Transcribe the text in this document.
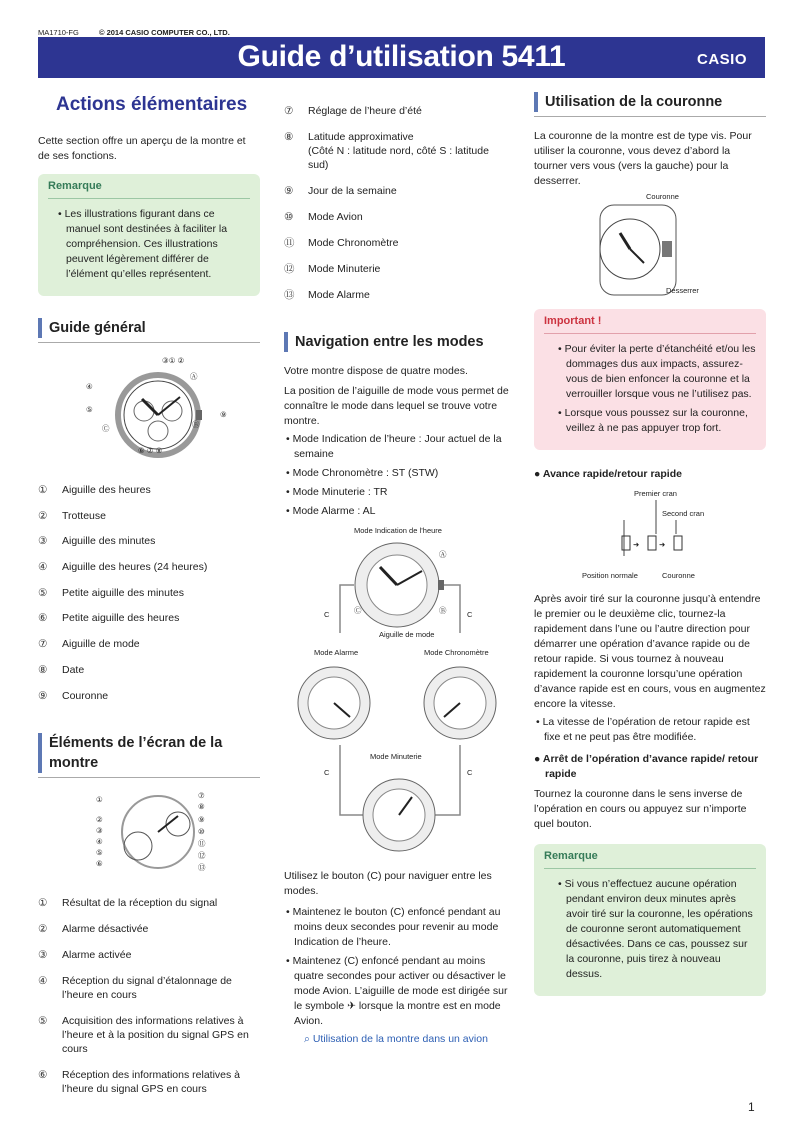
MA1710-FG	© 2014 CASIO COMPUTER CO., LTD.
Guide d’utilisation 5411	CASIO
Actions élémentaires

Cette section offre un aperçu de la montre et de ses fonctions.

Remarque

• Les illustrations figurant dans ce manuel sont destinées à faciliter la compréhension. Ces illustrations peuvent légèrement différer de l’élément qu’elles représentent.

Guide général
③① ②
④
⑤
Ⓒ
Ⓐ
⑨
Ⓑ
⑥ ⑦ ⑧
①	Aiguille des heures
②	Trotteuse
③	Aiguille des minutes
④	Aiguille des heures (24 heures)
⑤	Petite aiguille des minutes
⑥	Petite aiguille des heures
⑦	Aiguille de mode
⑧	Date
⑨	Couronne
Éléments de l’écran de la montre
①
②
③
④
⑤
⑥
⑦
⑧
⑨
⑩
⑪
⑫
⑬
①	Résultat de la réception du signal
②	Alarme désactivée
③	Alarme activée
④	Réception du signal d’étalonnage de l’heure en cours
⑤	Acquisition des informations relatives à l’heure et à la position du signal GPS en cours
⑥	Réception des informations relatives à l’heure du signal GPS en cours
⑦	Réglage de l’heure d’été
⑧	Latitude approximative
(Côté N : latitude nord, côté S : latitude sud)
⑨	Jour de la semaine
⑩	Mode Avion
⑪	Mode Chronomètre
⑫	Mode Minuterie
⑬	Mode Alarme
Navigation entre les modes

Votre montre dispose de quatre modes.

La position de l’aiguille de mode vous permet de connaître le mode dans lequel se trouve votre montre.

• Mode Indication de l’heure : Jour actuel de la semaine

• Mode Chronomètre : ST (STW)

• Mode Minuterie : TR

• Mode Alarme : AL

Mode Indication de l’heure
Ⓐ
Ⓑ
Ⓒ
Aiguille de mode
C	C
Mode Alarme	Mode Chronomètre
Mode Minuterie
C	C

Utilisez le bouton (C) pour naviguer entre les modes.

• Maintenez le bouton (C) enfoncé pendant au moins deux secondes pour revenir au mode Indication de l’heure.

• Maintenez (C) enfoncé pendant au moins quatre secondes pour activer ou désactiver le mode Avion. L’aiguille de mode est dirigée sur le symbole ✈ lorsque la montre est en mode Avion.

⌕ Utilisation de la montre dans un avion
Utilisation de la couronne

La couronne de la montre est de type vis. Pour utiliser la couronne, vous devez d’abord la tourner vers vous (vers la gauche) pour la desserrer.

Couronne
Desserrer
Important !

• Pour éviter la perte d’étanchéité et/ou les dommages dus aux impacts, assurez-vous de bien enfoncer la couronne et la verrouiller lorsque vous ne l’utilisez pas.

• Lorsque vous poussez sur la couronne, veillez à ne pas appuyer trop fort.

● Avance rapide/retour rapide
Premier cran
Second cran
➜	➜
Position normale	Couronne

Après avoir tiré sur la couronne jusqu’à entendre le premier ou le deuxième clic, tournez-la rapidement dans l’une ou l’autre direction pour démarrer une opération d’avance rapide ou de retour rapide. Si vous tournez à nouveau rapidement la couronne lorsqu’une opération d’avance rapide est en cours, vous en augmentez encore la vitesse.

• La vitesse de l’opération de retour rapide est fixe et ne peut pas être modifiée.

● Arrêt de l’opération d’avance rapide/ retour rapide

Tournez la couronne dans le sens inverse de l’opération en cours ou appuyez sur n’importe quel bouton.

Remarque

• Si vous n’effectuez aucune opération pendant environ deux minutes après avoir tiré sur la couronne, les opérations de couronne seront automatiquement désactivées. Dans ce cas, poussez sur la couronne, puis tirez à nouveau dessus.

1
